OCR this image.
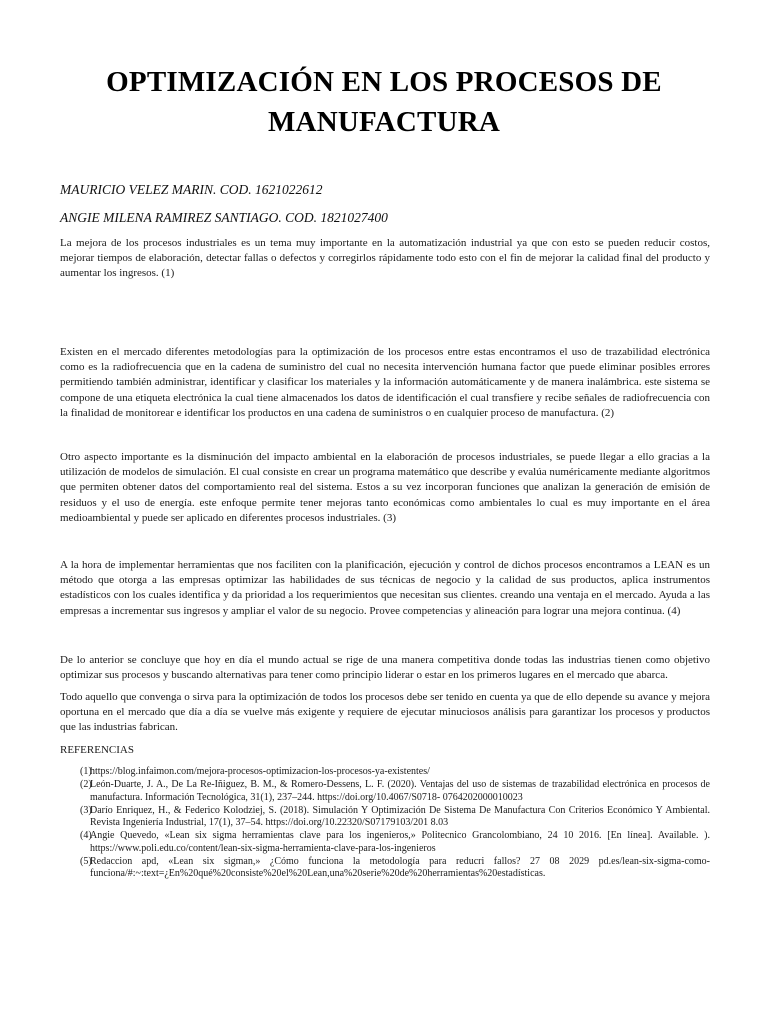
OPTIMIZACIÓN EN LOS PROCESOS DE MANUFACTURA

MAURICIO VELEZ MARIN. COD. 1621022612

ANGIE MILENA RAMIREZ SANTIAGO. COD. 1821027400

La mejora de los procesos industriales es un tema muy importante en la automatización industrial ya que con esto se pueden reducir costos, mejorar tiempos de elaboración, detectar fallas o defectos y corregirlos rápidamente todo esto con el fin de mejorar la calidad final del producto y aumentar los ingresos. (1)

Existen en el mercado diferentes metodologías para la optimización de los procesos entre estas encontramos el uso de trazabilidad electrónica como es la radiofrecuencia que en la cadena de suministro del cual no necesita intervención humana factor que puede eliminar posibles errores permitiendo también administrar, identificar y clasificar los materiales y la información automáticamente y de manera inalámbrica. este sistema se compone de una etiqueta electrónica la cual tiene almacenados los datos de identificación el cual transfiere y recibe señales de radiofrecuencia con la finalidad de monitorear e identificar los productos en una cadena de suministros o en cualquier proceso de manufactura. (2)

Otro aspecto importante es la disminución del impacto ambiental en la elaboración de procesos industriales, se puede llegar a ello gracias a la utilización de modelos de simulación. El cual consiste en crear un programa matemático que describe y evalúa numéricamente mediante algoritmos que permiten obtener datos del comportamiento real del sistema. Estos a su vez incorporan funciones que analizan la generación de emisión de residuos y el uso de energía. este enfoque permite tener mejoras tanto económicas como ambientales lo cual es muy importante en el área medioambiental y puede ser aplicado en diferentes procesos industriales. (3)

A la hora de implementar herramientas que nos faciliten con la planificación, ejecución y control de dichos procesos encontramos a LEAN es un método que otorga a las empresas optimizar las habilidades de sus técnicas de negocio y la calidad de sus productos, aplica instrumentos estadísticos con los cuales identifica y da prioridad a los requerimientos que necesitan sus clientes. creando una ventaja en el mercado. Ayuda a las empresas a incrementar sus ingresos y ampliar el valor de su negocio. Provee competencias y alineación para lograr una mejora continua. (4)

De lo anterior se concluye que hoy en día el mundo actual se rige de una manera competitiva donde todas las industrias tienen como objetivo optimizar sus procesos y buscando alternativas para tener como principio liderar o estar en los primeros lugares en el mercado que abarca.

Todo aquello que convenga o sirva para la optimización de todos los procesos debe ser tenido en cuenta ya que de ello depende su avance y mejora oportuna en el mercado que día a día se vuelve más exigente y requiere de ejecutar minuciosos análisis para garantizar los procesos y productos que las industrias fabrican.

REFERENCIAS

(1)
https://blog.infaimon.com/mejora-procesos-optimizacion-los-procesos-ya-existentes/
(2)
León-Duarte, J. A., De La Re-Iñiguez, B. M., & Romero-Dessens, L. F. (2020). Ventajas del uso de sistemas de trazabilidad electrónica en procesos de manufactura. Información Tecnológica, 31(1), 237–244. https://doi.org/10.4067/S0718- 0764202000010023
(3)
Darío Enriquez, H., & Federico Kolodziej, S. (2018). Simulación Y Optimización De Sistema De Manufactura Con Criterios Económico Y Ambiental. Revista Ingeniería Industrial, 17(1), 37–54. https://doi.org/10.22320/S07179103/201 8.03
(4)
Angie Quevedo, «Lean six sigma herramientas clave para los ingenieros,» Politecnico Grancolombiano, 24 10 2016. [En línea]. Available. ). https://www.poli.edu.co/content/lean-six-sigma-herramienta-clave-para-los-ingenieros
(5)
Redaccion apd, «Lean six sigman,» ¿Cómo funciona la metodología para reducri fallos? 27 08 2029 pd.es/lean-six-sigma-como-funciona/#:~:text=¿En%20qué%20consiste%20el%20Lean,una%20serie%20de%20herramientas%20estadísticas.
